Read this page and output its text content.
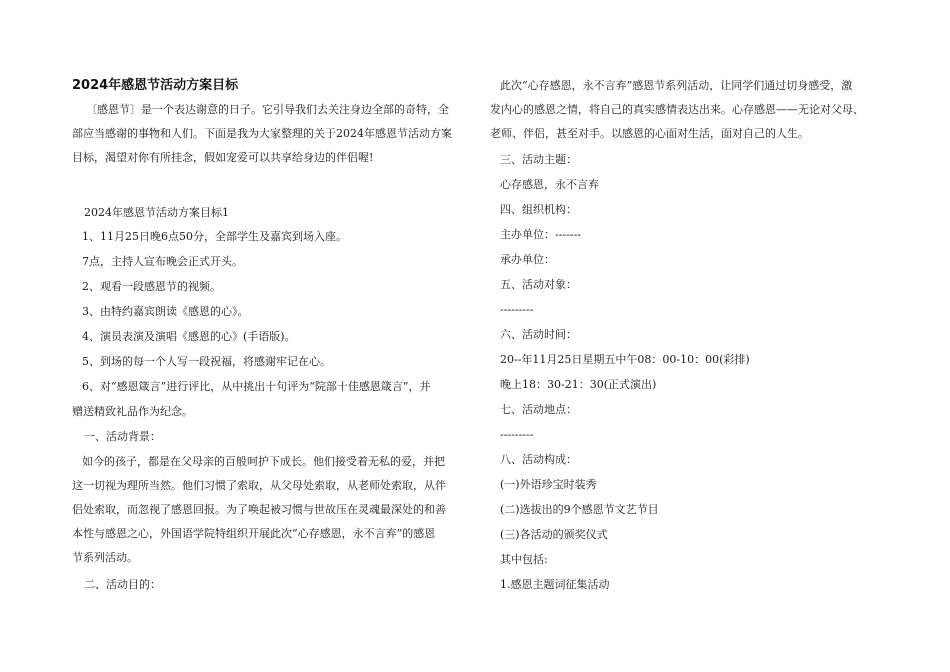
2024年感恩节活动方案目标
〔感恩节〕是一个表达谢意的日子。它引导我们去关注身边全部的奇特，全
部应当感谢的事物和人们。下面是我为大家整理的关于2024年感恩节活动方案
目标，渴望对你有所挂念，假如宠爱可以共享给身边的伴侣喔!
2024年感恩节活动方案目标1
1、11月25日晚6点50分，全部学生及嘉宾到场入座。
7点，主持人宣布晚会正式开头。
2、观看一段感恩节的视频。
3、由特约嘉宾朗读《感恩的心》。
4、演员表演及演唱《感恩的心》(手语版)。
5、到场的每一个人写一段祝福，将感谢牢记在心。
6、对“感恩箴言”进行评比，从中挑出十句评为“院部十佳感恩箴言”，并
赠送精致礼品作为纪念。
一、活动背景：
如今的孩子，都是在父母亲的百般呵护下成长。他们接受着无私的爱，并把
这一切视为理所当然。他们习惯了索取，从父母处索取，从老师处索取，从伴
侣处索取，而忽视了感恩回报。为了唤起被习惯与世故压在灵魂最深处的和善
本性与感恩之心，外国语学院特组织开展此次“心存感恩，永不言弃”的感恩
节系列活动。
二、活动目的：
此次“心存感恩，永不言弃”感恩节系列活动，让同学们通过切身感受，激
发内心的感恩之情，将自己的真实感情表达出来。心存感恩——无论对父母、
老师、伴侣，甚至对手。以感恩的心面对生活，面对自己的人生。
三、活动主题：
心存感恩，永不言弃
四、组织机构：
主办单位：-------
承办单位：
五、活动对象：
---------
六、活动时间：
20--年11月25日星期五中午08：00-10：00(彩排)
晚上18：30-21：30(正式演出)
七、活动地点：
---------
八、活动构成：
(一)外语珍宝时装秀
(二)选拔出的9个感恩节文艺节目
(三)各活动的颁奖仪式
其中包括:
1.感恩主题词征集活动
